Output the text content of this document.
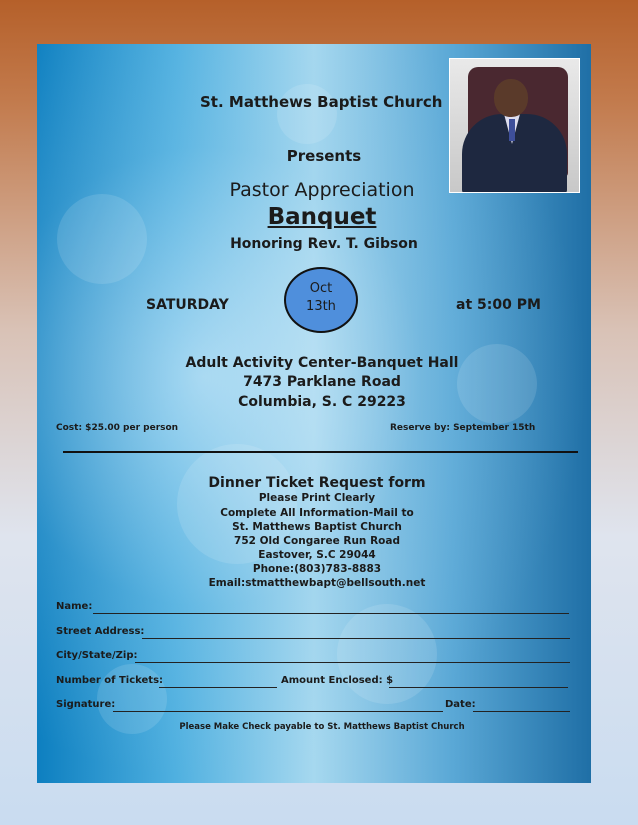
St. Matthews Baptist Church
Presents
Pastor Appreciation
Banquet
Honoring Rev. T. Gibson
SATURDAY
Oct
13th	at 5:00 PM
Adult Activity Center-Banquet Hall
7473 Parklane Road
Columbia, S. C 29223
Cost: $25.00 per person	Reserve by: September 15th
Dinner Ticket Request form
Please Print Clearly
Complete All Information-Mail to
St. Matthews Baptist Church
752 Old Congaree Run Road
Eastover, S.C 29044
Phone:(803)783-8883
Email:stmatthewbapt@bellsouth.net
Name:
Street Address:
City/State/Zip:
Number of Tickets:	Amount Enclosed: $
Signature:	Date:
Please Make Check payable to St. Matthews Baptist Church
